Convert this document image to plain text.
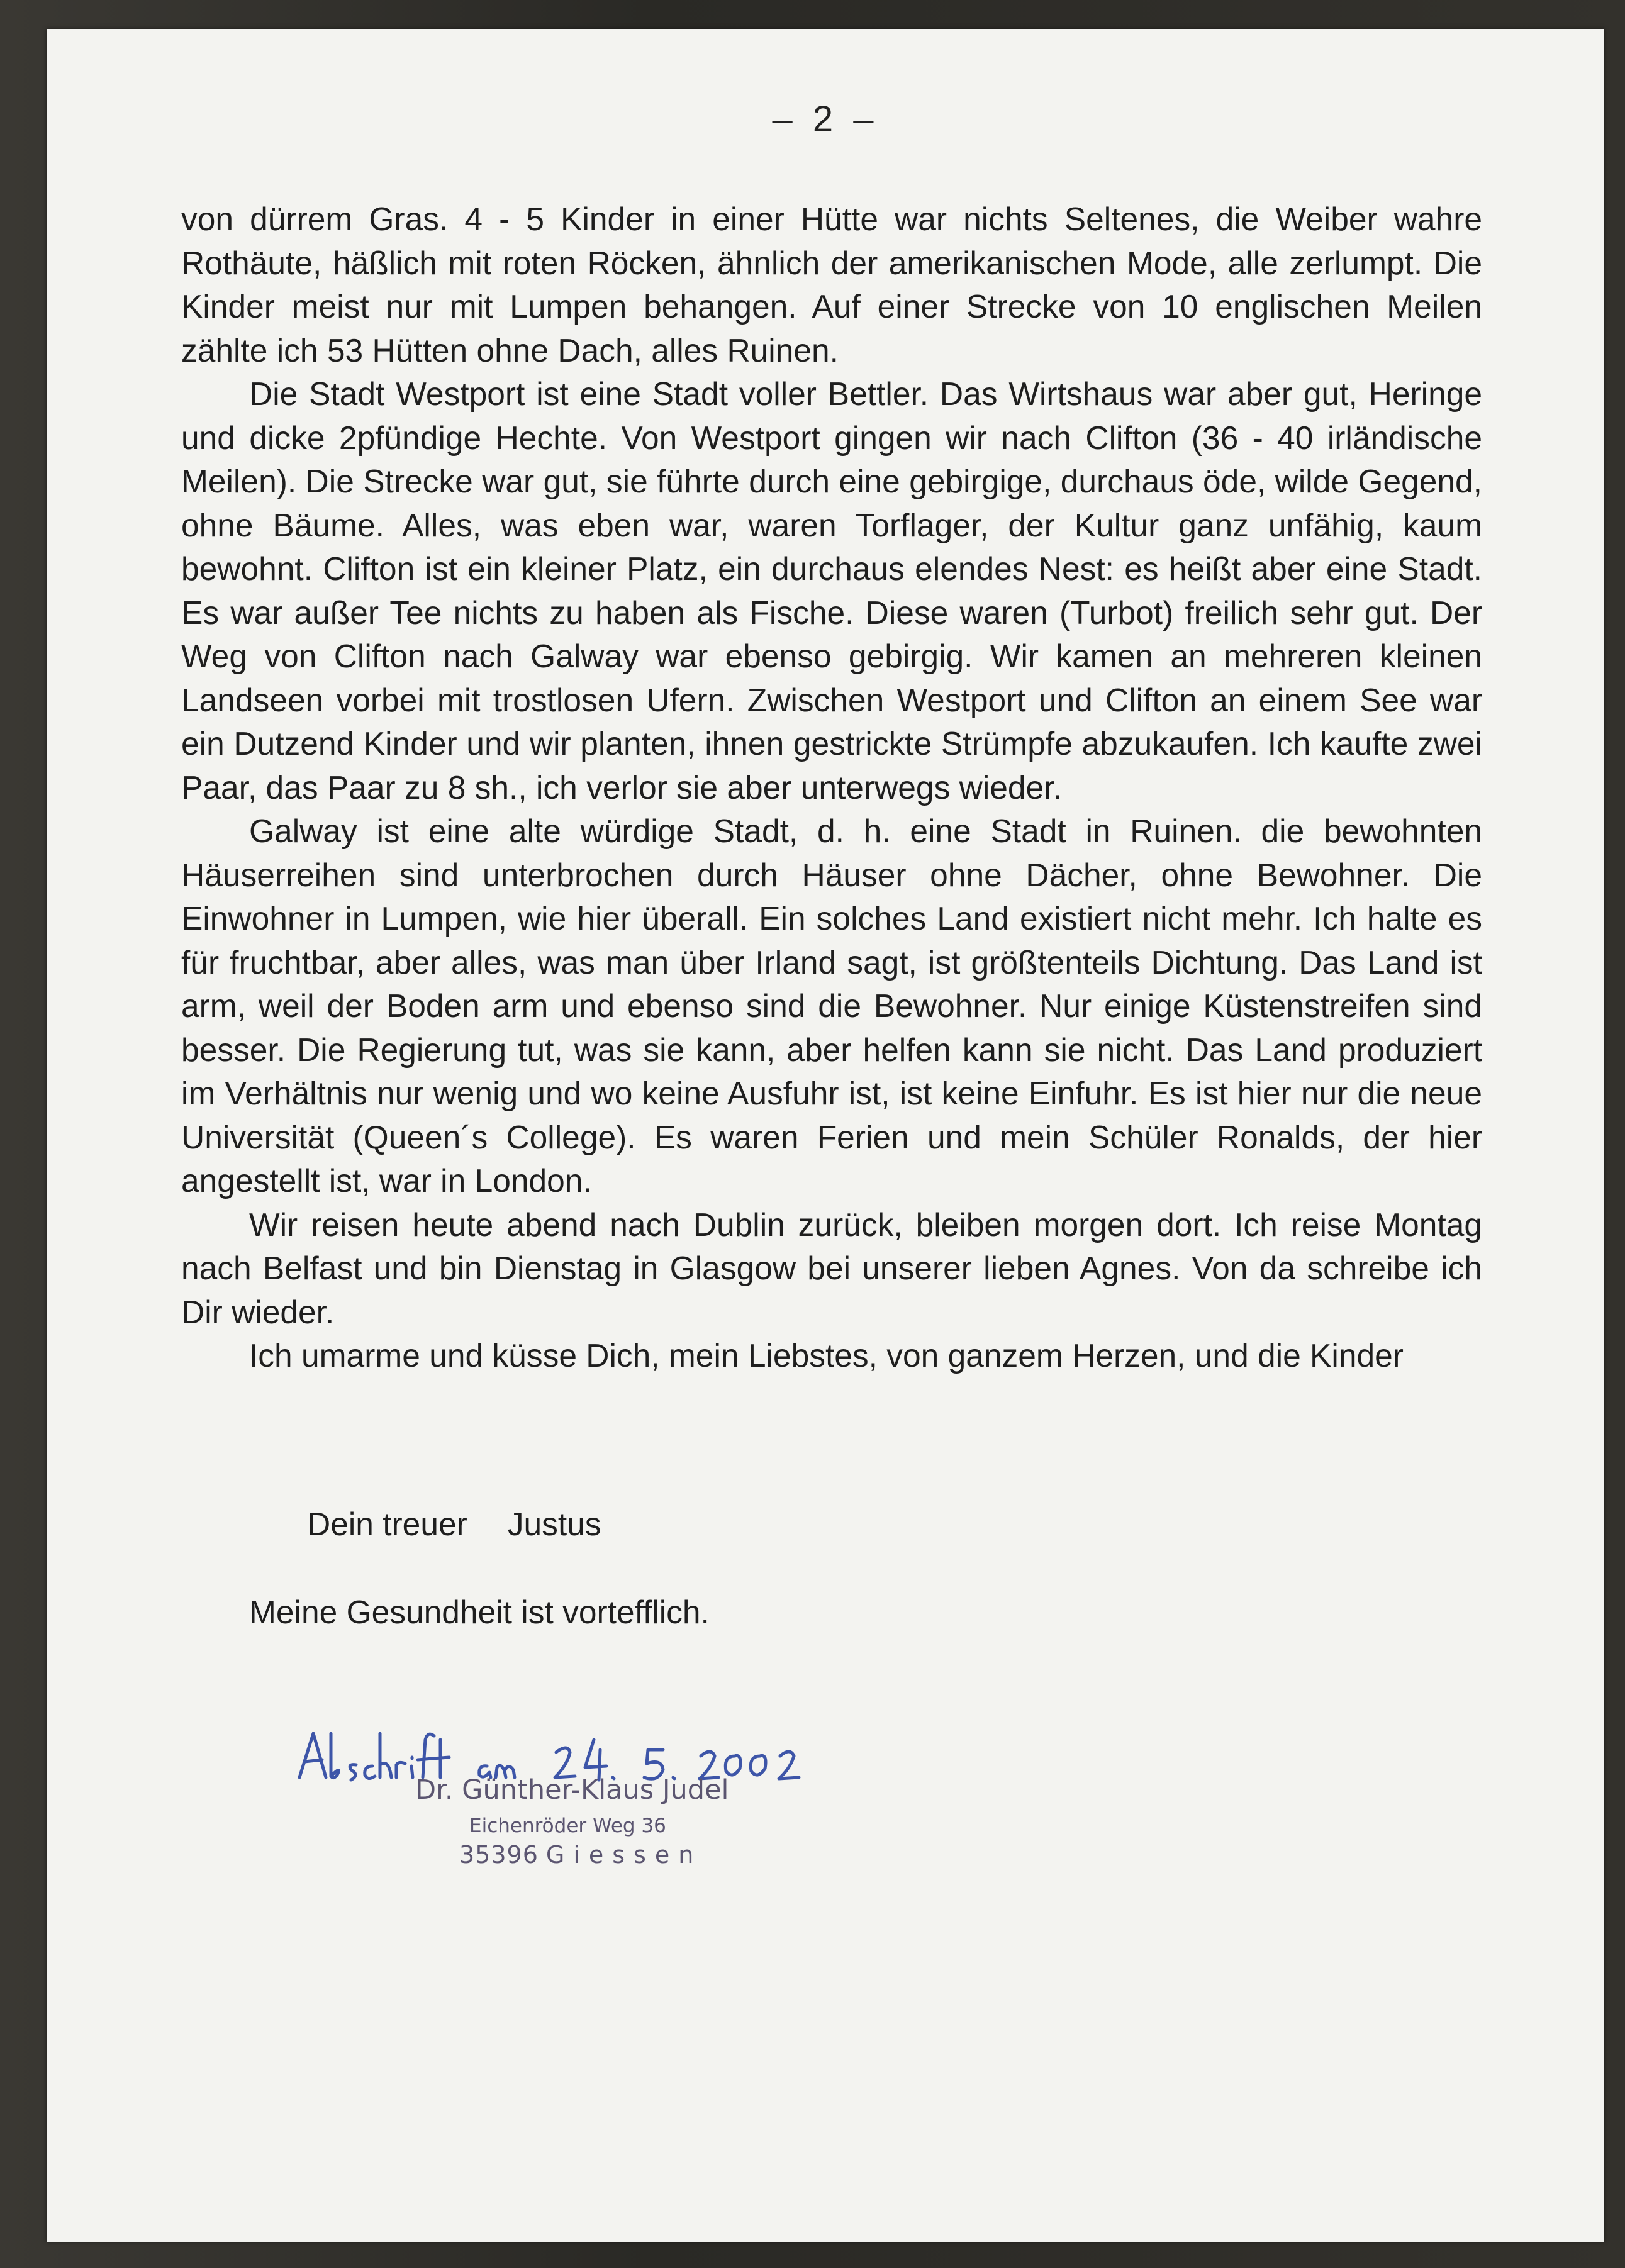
– 2 –

von dürrem Gras. 4 - 5 Kinder in einer Hütte war nichts Seltenes, die Weiber wahre Rothäute, häßlich mit roten Röcken, ähnlich der amerikanischen Mode, alle zerlumpt. Die Kinder meist nur mit Lumpen behangen. Auf einer Strecke von 10 englischen Meilen zählte ich 53 Hütten ohne Dach, alles Ruinen.

Die Stadt Westport ist eine Stadt voller Bettler. Das Wirtshaus war aber gut, Heringe und dicke 2pfündige Hechte. Von Westport gingen wir nach Clifton (36 - 40 irländische Meilen). Die Strecke war gut, sie führte durch eine gebirgige, durchaus öde, wilde Gegend, ohne Bäume. Alles, was eben war, waren Torflager, der Kultur ganz unfähig, kaum bewohnt. Clifton ist ein kleiner Platz, ein durchaus elendes Nest: es heißt aber eine Stadt. Es war außer Tee nichts zu haben als Fische. Diese waren (Turbot) freilich sehr gut. Der Weg von Clifton nach Galway war ebenso gebirgig. Wir kamen an mehreren kleinen Landseen vorbei mit trostlosen Ufern. Zwischen Westport und Clifton an einem See war ein Dutzend Kinder und wir planten, ihnen gestrickte Strümpfe abzukaufen. Ich kaufte zwei Paar, das Paar zu 8 sh., ich verlor sie aber unterwegs wieder.

Galway ist eine alte würdige Stadt, d. h. eine Stadt in Ruinen. die bewohnten Häuserreihen sind unterbrochen durch Häuser ohne Dächer, ohne Bewohner. Die Einwohner in Lumpen, wie hier überall. Ein solches Land existiert nicht mehr. Ich halte es für fruchtbar, aber alles, was man über Irland sagt, ist größtenteils Dichtung. Das Land ist arm, weil der Boden arm und ebenso sind die Bewohner. Nur einige Küstenstreifen sind besser. Die Regierung tut, was sie kann, aber helfen kann sie nicht. Das Land produziert im Verhältnis nur wenig und wo keine Ausfuhr ist, ist keine Einfuhr. Es ist hier nur die neue Universität (Queen´s College). Es waren Ferien und mein Schüler Ronalds, der hier angestellt ist, war in London.

Wir reisen heute abend nach Dublin zurück, bleiben morgen dort. Ich reise Montag nach Belfast und bin Dienstag in Glasgow bei unserer lieben Agnes. Von da schreibe ich Dir wieder.

Ich umarme und küsse Dich, mein Liebstes, von ganzem Herzen, und die Kinder

Dein treuer Justus
Meine Gesundheit ist vortefflich.
Dr. Günther-Klaus Judel
Eichenröder Weg 36
35396 Giessen
